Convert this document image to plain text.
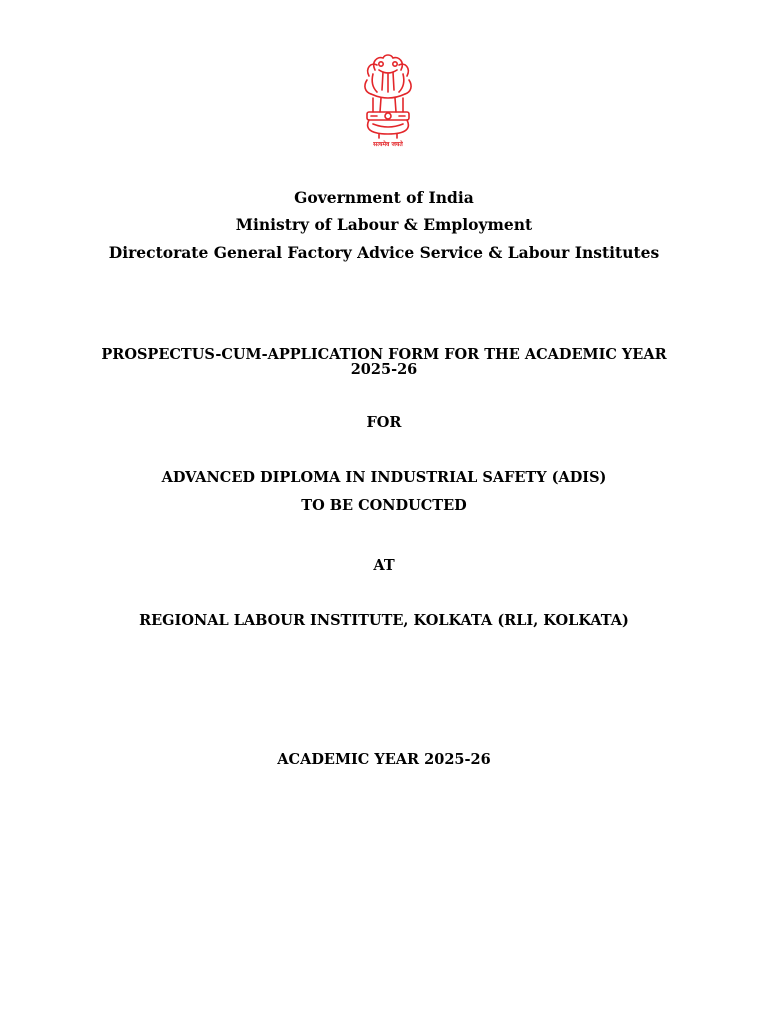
सत्यमेव जयते
Government of India
Ministry of Labour & Employment
Directorate General Factory Advice Service & Labour Institutes
PROSPECTUS-CUM-APPLICATION FORM FOR THE ACADEMIC YEAR
2025-26
FOR
ADVANCED DIPLOMA IN INDUSTRIAL SAFETY (ADIS)
TO BE CONDUCTED
AT
REGIONAL LABOUR INSTITUTE, KOLKATA (RLI, KOLKATA)
ACADEMIC YEAR 2025-26
